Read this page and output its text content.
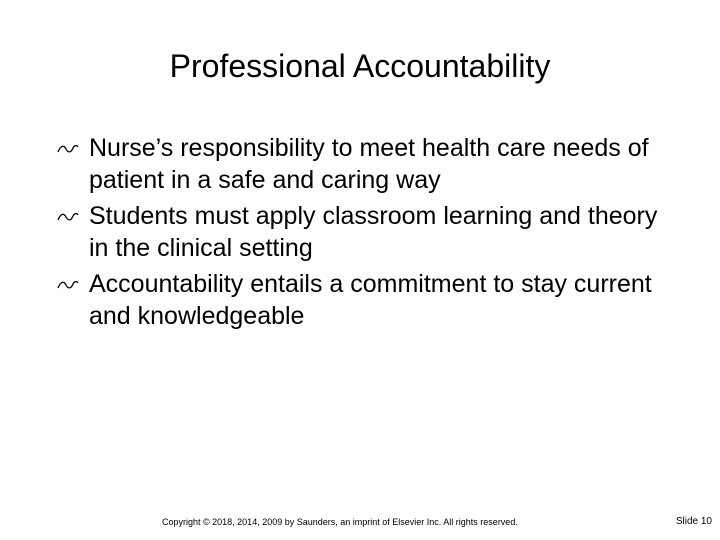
Professional Accountability
Nurse’s responsibility to meet health care needs of patient in a safe and caring way
Students must apply classroom learning and theory in the clinical setting
Accountability entails a commitment to stay current and knowledgeable
Copyright © 2018, 2014, 2009 by Saunders, an imprint of Elsevier Inc. All rights reserved.	Slide 10
